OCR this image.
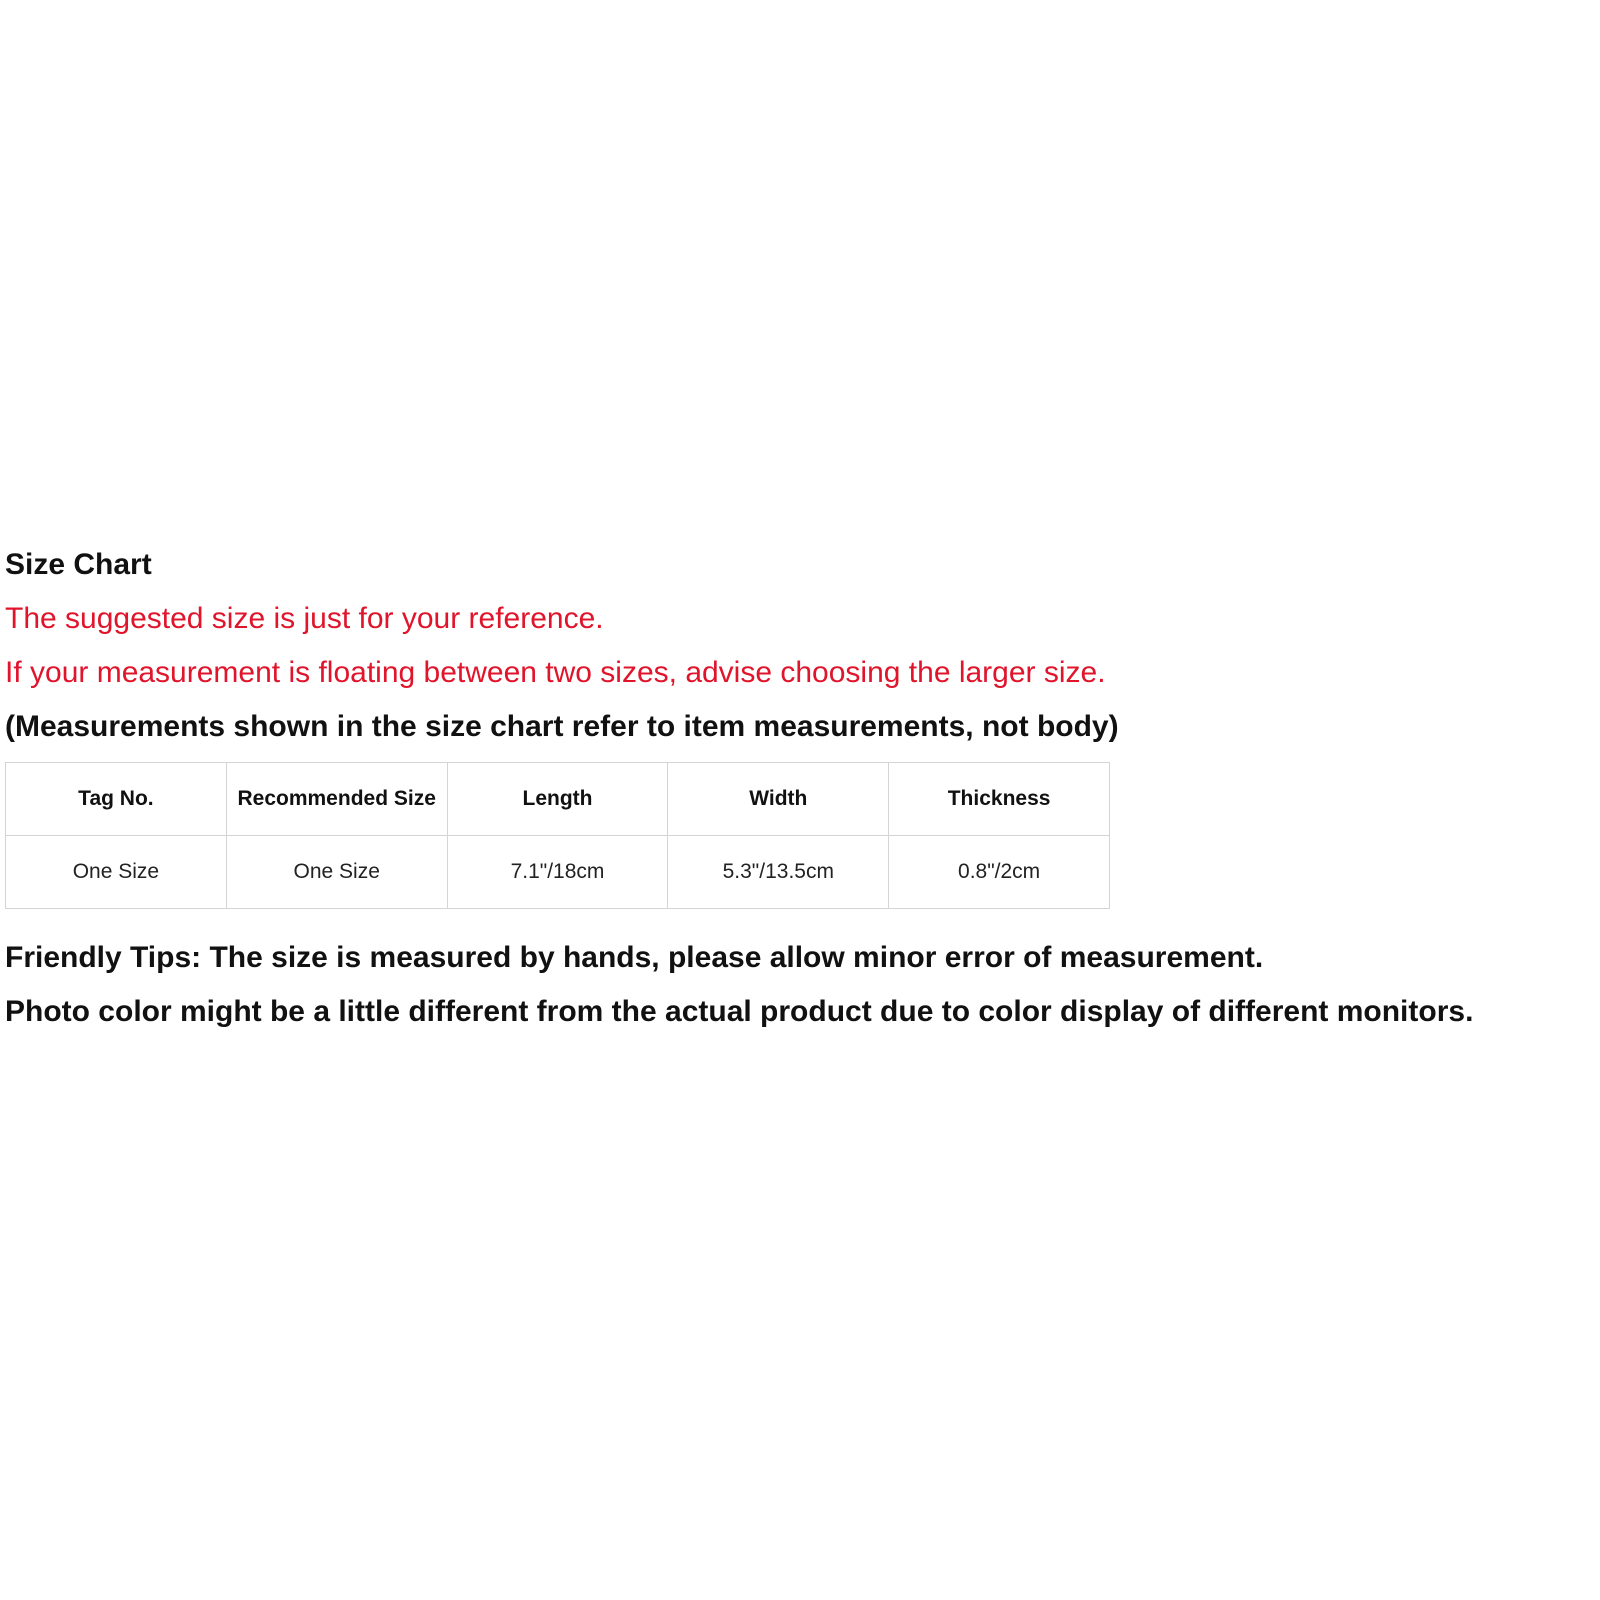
Size Chart
The suggested size is just for your reference.
If your measurement is floating between two sizes, advise choosing the larger size.
(Measurements shown in the size chart refer to item measurements, not body)
Tag No.	Recommended Size	Length	Width	Thickness
One Size	One Size	7.1"/18cm	5.3"/13.5cm	0.8"/2cm
Friendly Tips: The size is measured by hands, please allow minor error of measurement.
Photo color might be a little different from the actual product due to color display of different monitors.
